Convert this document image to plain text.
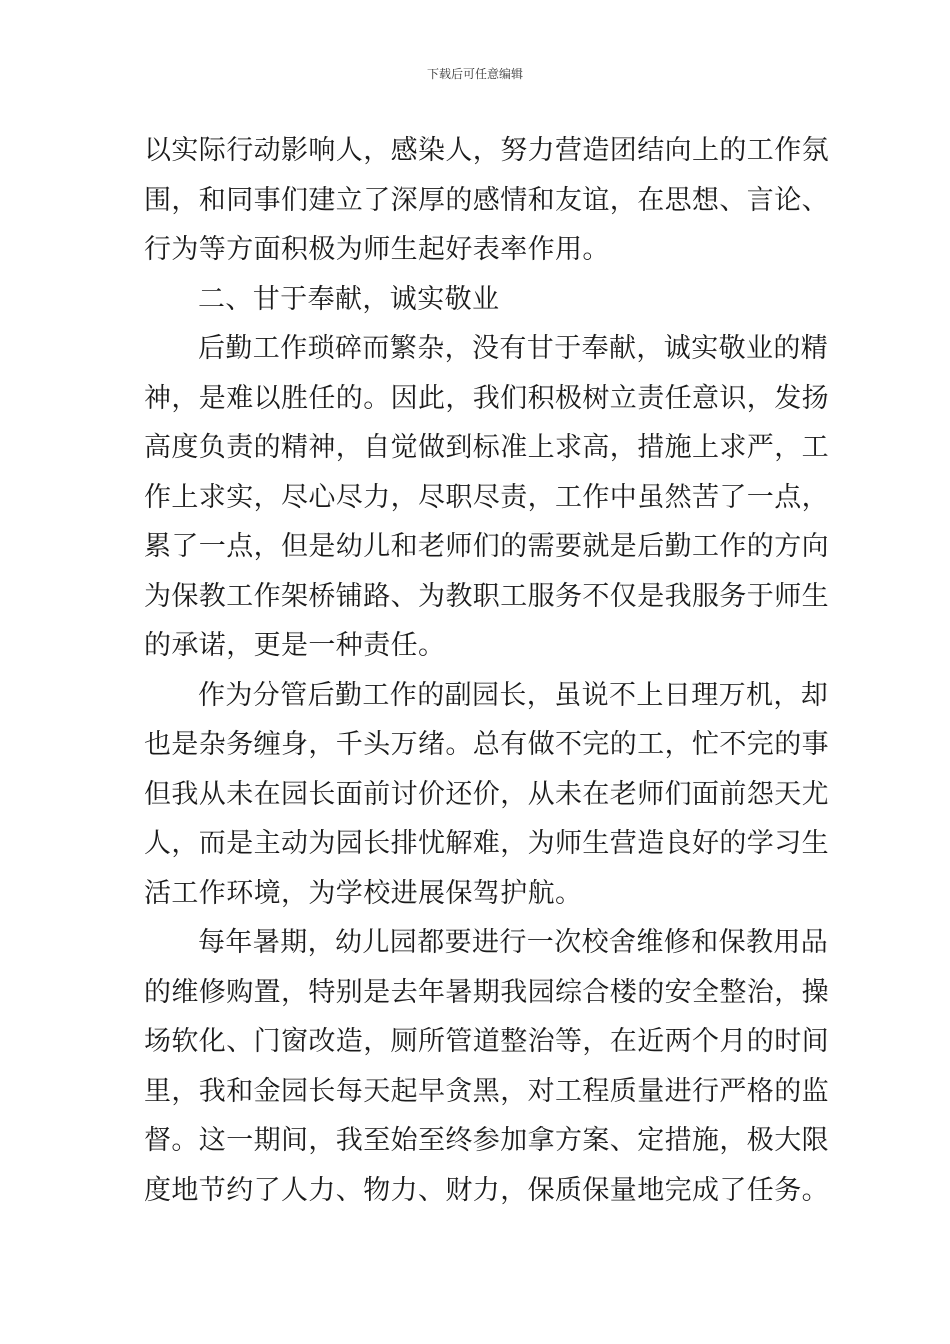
下载后可任意编辑
以实际行动影响人，感染人，努力营造团结向上的工作氛
围，和同事们建立了深厚的感情和友谊，在思想、言论、
行为等方面积极为师生起好表率作用。
二、甘于奉献，诚实敬业
后勤工作琐碎而繁杂，没有甘于奉献，诚实敬业的精
神，是难以胜任的。因此，我们积极树立责任意识，发扬
高度负责的精神，自觉做到标准上求高，措施上求严，工
作上求实，尽心尽力，尽职尽责，工作中虽然苦了一点，
累了一点，但是幼儿和老师们的需要就是后勤工作的方向
为保教工作架桥铺路、为教职工服务不仅是我服务于师生
的承诺，更是一种责任。
作为分管后勤工作的副园长，虽说不上日理万机，却
也是杂务缠身，千头万绪。总有做不完的工，忙不完的事
但我从未在园长面前讨价还价，从未在老师们面前怨天尤
人，而是主动为园长排忧解难，为师生营造良好的学习生
活工作环境，为学校进展保驾护航。
每年暑期，幼儿园都要进行一次校舍维修和保教用品
的维修购置，特别是去年暑期我园综合楼的安全整治，操
场软化、门窗改造，厕所管道整治等，在近两个月的时间
里，我和金园长每天起早贪黑，对工程质量进行严格的监
督。这一期间，我至始至终参加拿方案、定措施，极大限
度地节约了人力、物力、财力，保质保量地完成了任务。
